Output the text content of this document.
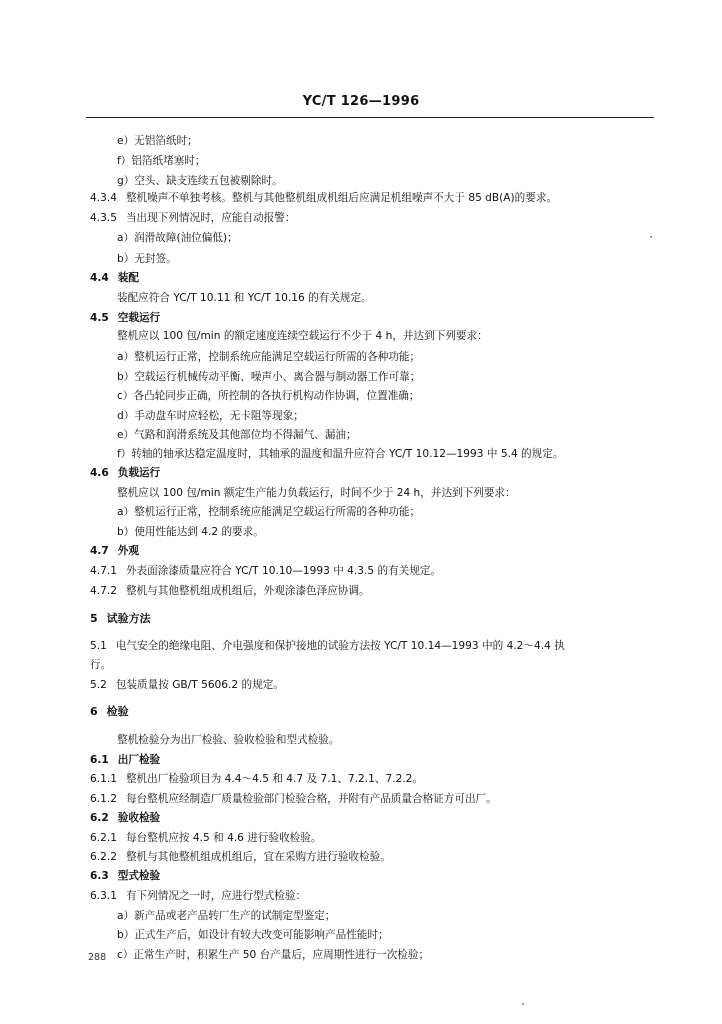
YC/T 126—1996
e）无铝箔纸时；
f）铝箔纸堵塞时；
g）空头、缺支连续五包被剔除时。
4.3.4 整机噪声不单独考核。整机与其他整机组成机组后应满足机组噪声不大于 85 dB(A)的要求。
4.3.5 当出现下列情况时，应能自动报警：
a）润滑故障(油位偏低)；
b）无封签。
4.4 装配
装配应符合 YC/T 10.11 和 YC/T 10.16 的有关规定。
4.5 空载运行
整机应以 100 包/min 的额定速度连续空载运行不少于 4 h，并达到下列要求：
a）整机运行正常，控制系统应能满足空载运行所需的各种功能；
b）空载运行机械传动平衡、噪声小、离合器与制动器工作可靠；
c）各凸轮同步正确，所控制的各执行机构动作协调，位置准确；
d）手动盘车时应轻松，无卡阻等现象；
e）气路和润滑系统及其他部位均不得漏气、漏油；
f）转轴的轴承达稳定温度时，其轴承的温度和温升应符合 YC/T 10.12—1993 中 5.4 的规定。
4.6 负载运行
整机应以 100 包/min 额定生产能力负载运行，时间不少于 24 h，并达到下列要求：
a）整机运行正常，控制系统应能满足空载运行所需的各种功能；
b）使用性能达到 4.2 的要求。
4.7 外观
4.7.1 外表面涂漆质量应符合 YC/T 10.10—1993 中 4.3.5 的有关规定。
4.7.2 整机与其他整机组成机组后，外观涂漆色泽应协调。
5 试验方法
5.1 电气安全的绝缘电阻、介电强度和保护接地的试验方法按 YC/T 10.14—1993 中的 4.2～4.4 执
行。
5.2 包装质量按 GB/T 5606.2 的规定。
6 检验
整机检验分为出厂检验、验收检验和型式检验。
6.1 出厂检验
6.1.1 整机出厂检验项目为 4.4～4.5 和 4.7 及 7.1、7.2.1、7.2.2。
6.1.2 每台整机应经制造厂质量检验部门检验合格，并附有产品质量合格证方可出厂。
6.2 验收检验
6.2.1 每台整机应按 4.5 和 4.6 进行验收检验。
6.2.2 整机与其他整机组成机组后，宜在采购方进行验收检验。
6.3 型式检验
6.3.1 有下列情况之一时，应进行型式检验：
a）新产品或老产品转厂生产的试制定型鉴定；
b）正式生产后，如设计有较大改变可能影响产品性能时；
c）正常生产时，积累生产 50 台产量后，应周期性进行一次检验；
288
